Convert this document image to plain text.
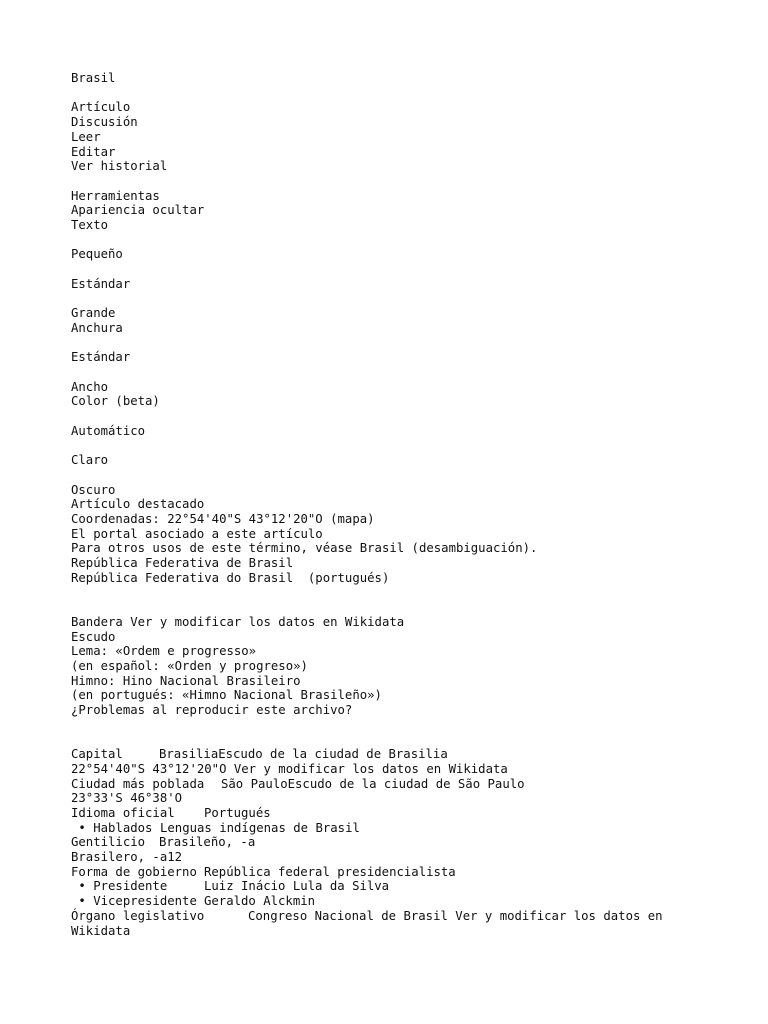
Brasil
Artículo
Discusión
Leer
Editar
Ver historial
Herramientas
Apariencia ocultar
Texto
Pequeño
Estándar
Grande
Anchura
Estándar
Ancho
Color (beta)
Automático
Claro
Oscuro
Artículo destacado
Coordenadas: 22°54'40"S 43°12'20"O (mapa)
El portal asociado a este artículo
Para otros usos de este término, véase Brasil (desambiguación).
República Federativa de Brasil
República Federativa do Brasil  (portugués)
Bandera Ver y modificar los datos en Wikidata
Escudo
Lema: «Ordem e progresso»
(en español: «Orden y progreso»)
Himno: Hino Nacional Brasileiro
(en portugués: «Himno Nacional Brasileño»)
¿Problemas al reproducir este archivo?
Capital	BrasiliaEscudo de la ciudad de Brasilia
22°54'40"S 43°12'20"O Ver y modificar los datos en Wikidata
Ciudad más poblada São PauloEscudo de la ciudad de São Paulo
23°33'S 46°38'O
Idioma oficial Portugués
• Hablados Lenguas indígenas de Brasil
Gentilicio Brasileño, -a
Brasilero, -a12
Forma de gobierno República federal presidencialista
• Presidente	Luiz Inácio Lula da Silva
• Vicepresidente Geraldo Alckmin
Órgano legislativo	Congreso Nacional de Brasil Ver y modificar los datos en Wikidata
